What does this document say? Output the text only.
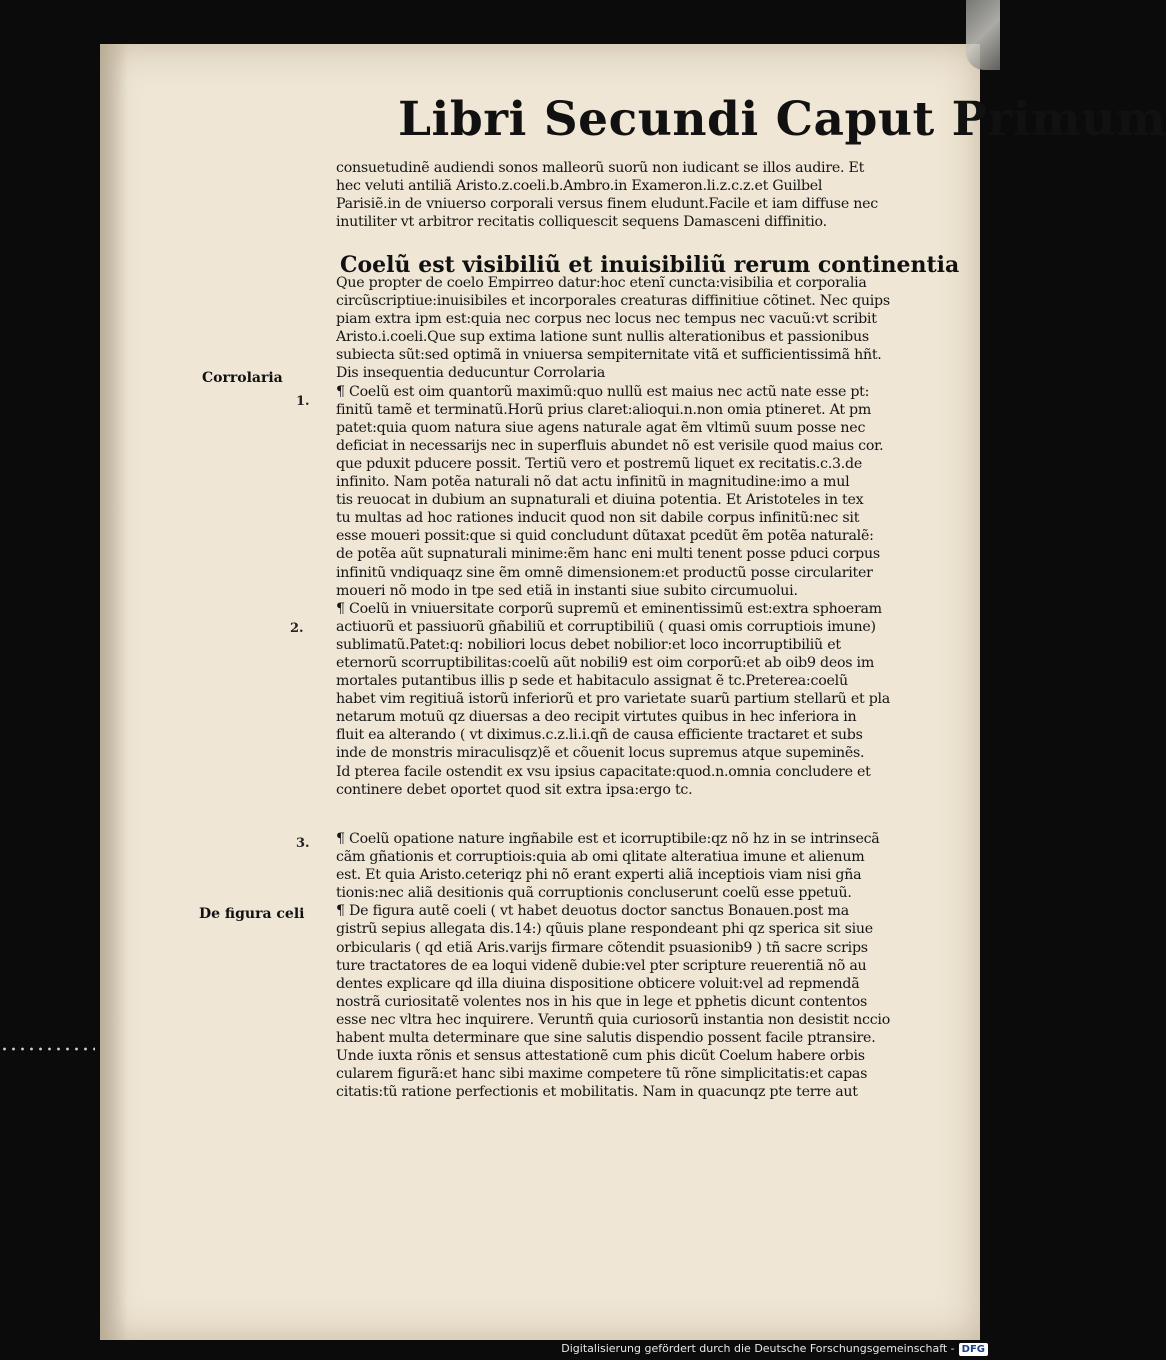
Libri Secundi Caput Primum
consuetudinẽ audiendi sonos malleorũ suorũ non iudicant se illos audire. Et
hec veluti antiliã Aristo.z.coeli.b.Ambro.in Exameron.li.z.c.z.et Guilbel
Parisiẽ.in de vniuerso corporali versus finem eludunt.Facile et iam diffuse nec
inutiliter vt arbitror recitatis colliquescit sequens Damasceni diffinitio.
Coelũ est visibiliũ et inuisibiliũ rerum continentia
Que propter de coelo Empirreo datur:hoc etenĩ cuncta:visibilia et corporalia
circũscriptiue:inuisibiles et incorporales creaturas diffinitiue cõtinet. Nec quips
piam extra ipm est:quia nec corpus nec locus nec tempus nec vacuũ:vt scribit
Aristo.i.coeli.Que sup extima latione sunt nullis alterationibus et passionibus
subiecta sũt:sed optimã in vniuersa sempiternitate vitã et sufficientissimã hñt.
Dis insequentia deducuntur Corrolaria
¶ Coelũ est oim quantorũ maximũ:quo nullũ est maius nec actũ nate esse pt:
finitũ tamẽ et terminatũ.Horũ prius claret:alioqui.n.non omia ptineret. At pm
patet:quia quom natura siue agens naturale agat ẽm vltimũ suum posse nec
deficiat in necessarijs nec in superfluis abundet nõ est verisile quod maius cor.
que pduxit pducere possit. Tertiũ vero et postremũ liquet ex recitatis.c.3.de
infinito. Nam potẽa naturali nõ dat actu infinitũ in magnitudine:imo a mul
tis reuocat in dubium an supnaturali et diuina potentia. Et Aristoteles in tex
tu multas ad hoc rationes inducit quod non sit dabile corpus infinitũ:nec sit
esse moueri possit:que si quid concludunt dũtaxat pcedũt ẽm potẽa naturalẽ:
de potẽa aũt supnaturali minime:ẽm hanc eni multi tenent posse pduci corpus
infinitũ vndiquaqz sine ẽm omnẽ dimensionem:et productũ posse circulariter
moueri nõ modo in tpe sed etiã in instanti siue subito circumuolui.
¶ Coelũ in vniuersitate corporũ supremũ et eminentissimũ est:extra sphoeram
actiuorũ et passiuorũ gñabiliũ et corruptibiliũ ( quasi omis corruptiois imune)
sublimatũ.Patet:q: nobiliori locus debet nobilior:et loco incorruptibiliũ et
eternorũ scorruptibilitas:coelũ aũt nobili9 est oim corporũ:et ab oib9 deos im
mortales putantibus illis p sede et habitaculo assignat ẽ tc.Preterea:coelũ
habet vim regitiuã istorũ inferiorũ et pro varietate suarũ partium stellarũ et pla
netarum motuũ qz diuersas a deo recipit virtutes quibus in hec inferiora in
fluit ea alterando ( vt diximus.c.z.li.i.qñ de causa efficiente tractaret et subs
inde de monstris miraculisqz)ẽ et cõuenit locus supremus atque supeminẽs.
Id pterea facile ostendit ex vsu ipsius capacitate:quod.n.omnia concludere et
continere debet oportet quod sit extra ipsa:ergo tc.
¶ Coelũ opatione nature ingñabile est et icorruptibile:qz nõ hz in se intrinsecã
cãm gñationis et corruptiois:quia ab omi qlitate alteratiua imune et alienum
est. Et quia Aristo.ceteriqz phi nõ erant experti aliã inceptiois viam nisi gña
tionis:nec aliã desitionis quã corruptionis concluserunt coelũ esse ppetuũ.
¶ De figura autẽ coeli ( vt habet deuotus doctor sanctus Bonauen.post ma
gistrũ sepius allegata dis.14:) qũuis plane respondeant phi qz sperica sit siue
orbicularis ( qd etiã Aris.varijs firmare cõtendit psuasionib9 ) tñ sacre scrips
ture tractatores de ea loqui videnẽ dubie:vel pter scripture reuerentiã nõ au
dentes explicare qd illa diuina dispositione obticere voluit:vel ad repmendã
nostrã curiositatẽ volentes nos in his que in lege et pphetis dicunt contentos
esse nec vltra hec inquirere. Veruntñ quia curiosorũ instantia non desistit nccio
habent multa determinare que sine salutis dispendio possent facile ptransire.
Unde iuxta rõnis et sensus attestationẽ cum phis dicũt Coelum habere orbis
cularem figurã:et hanc sibi maxime competere tũ rõne simplicitatis:et capas
citatis:tũ ratione perfectionis et mobilitatis. Nam in quacunqz pte terre aut
Corrolaria
De figura celi
1.
2.
3.
Digitalisierung gefördert durch die Deutsche Forschungsgemeinschaft - DFG
